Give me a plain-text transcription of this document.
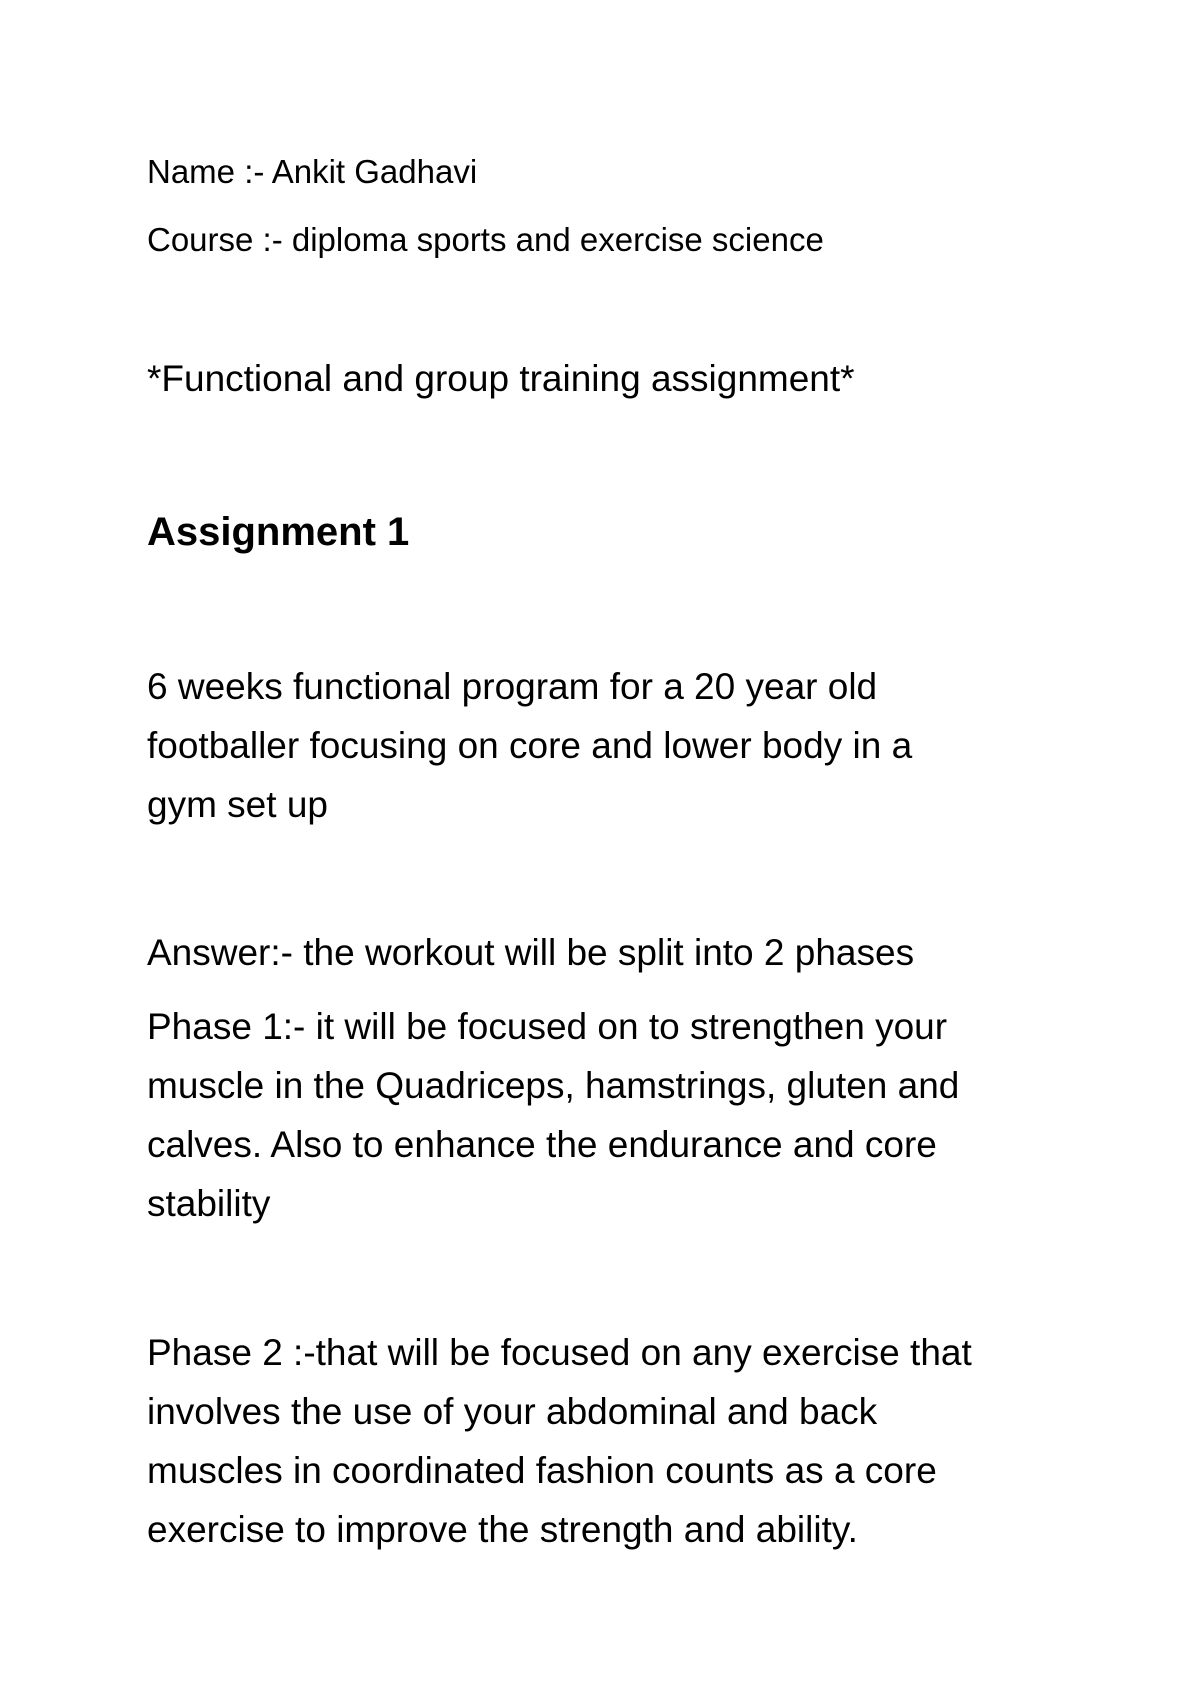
Name :- Ankit Gadhavi

Course :- diploma sports and exercise science

*Functional and group training assignment*

Assignment 1

6 weeks functional program for a 20 year old

footballer focusing on core and lower body in a

gym set up

Answer:- the workout will be split into 2 phases

Phase 1:- it will be focused on to strengthen your

muscle in the Quadriceps, hamstrings, gluten and

calves. Also to enhance the endurance and core

stability

Phase 2 :-that will be focused on any exercise that

involves the use of your abdominal and back

muscles in coordinated fashion counts as a core

exercise to improve the strength and ability.
